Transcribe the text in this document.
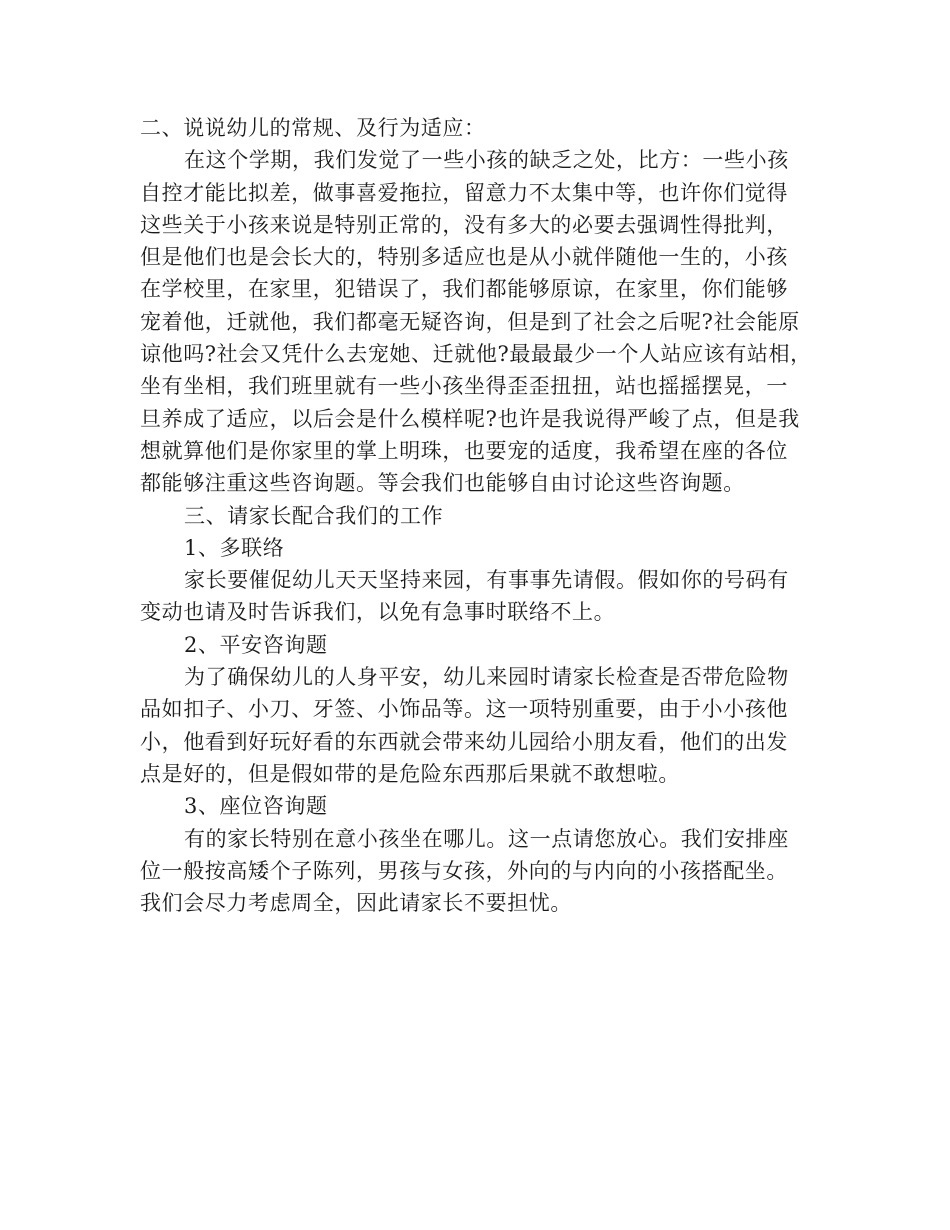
二、说说幼儿的常规、及行为适应：
在这个学期，我们发觉了一些小孩的缺乏之处，比方：一些小孩
自控才能比拟差，做事喜爱拖拉，留意力不太集中等，也许你们觉得
这些关于小孩来说是特别正常的，没有多大的必要去强调性得批判，
但是他们也是会长大的，特别多适应也是从小就伴随他一生的，小孩
在学校里，在家里，犯错误了，我们都能够原谅，在家里，你们能够
宠着他，迁就他，我们都毫无疑咨询，但是到了社会之后呢?社会能原
谅他吗?社会又凭什么去宠她、迁就他?最最最少一个人站应该有站相，
坐有坐相，我们班里就有一些小孩坐得歪歪扭扭，站也摇摇摆晃，一
旦养成了适应，以后会是什么模样呢?也许是我说得严峻了点，但是我
想就算他们是你家里的掌上明珠，也要宠的适度，我希望在座的各位
都能够注重这些咨询题。等会我们也能够自由讨论这些咨询题。
三、请家长配合我们的工作
1、多联络
家长要催促幼儿天天坚持来园，有事事先请假。假如你的号码有
变动也请及时告诉我们，以免有急事时联络不上。
2、平安咨询题
为了确保幼儿的人身平安，幼儿来园时请家长检查是否带危险物
品如扣子、小刀、牙签、小饰品等。这一项特别重要，由于小小孩他
小，他看到好玩好看的东西就会带来幼儿园给小朋友看，他们的出发
点是好的，但是假如带的是危险东西那后果就不敢想啦。
3、座位咨询题
有的家长特别在意小孩坐在哪儿。这一点请您放心。我们安排座
位一般按高矮个子陈列，男孩与女孩，外向的与内向的小孩搭配坐。
我们会尽力考虑周全，因此请家长不要担忧。
